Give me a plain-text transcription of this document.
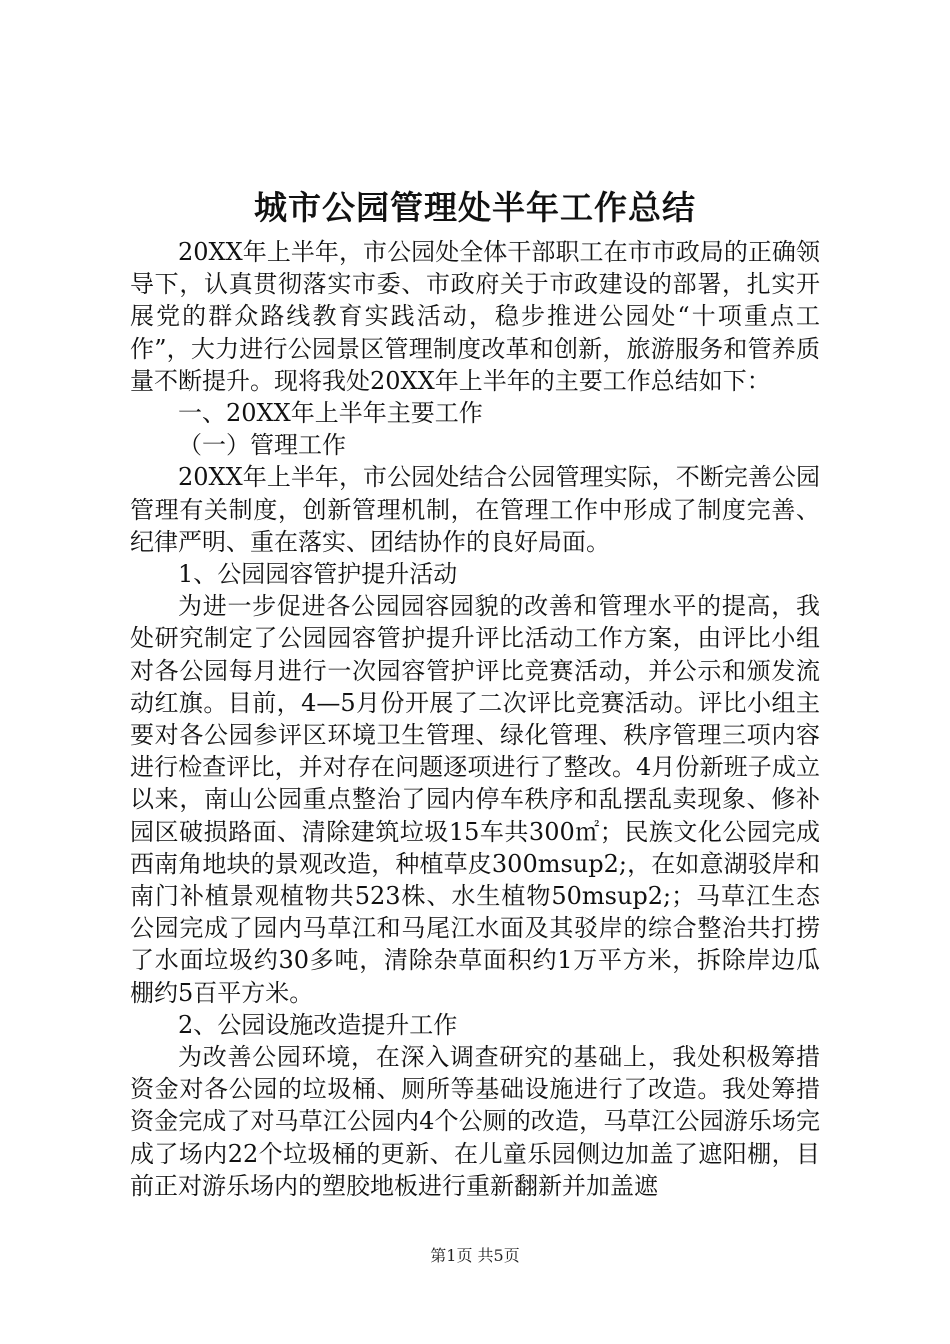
城市公园管理处半年工作总结

20XX年上半年，市公园处全体干部职工在市市政局的正确领导下，认真贯彻落实市委、市政府关于市政建设的部署，扎实开展党的群众路线教育实践活动，稳步推进公园处“十项重点工作”，大力进行公园景区管理制度改革和创新，旅游服务和管养质量不断提升。现将我处20XX年上半年的主要工作总结如下：

一、20XX年上半年主要工作

（一）管理工作

20XX年上半年，市公园处结合公园管理实际，不断完善公园管理有关制度，创新管理机制，在管理工作中形成了制度完善、纪律严明、重在落实、团结协作的良好局面。

1、公园园容管护提升活动

为进一步促进各公园园容园貌的改善和管理水平的提高，我处研究制定了公园园容管护提升评比活动工作方案，由评比小组对各公园每月进行一次园容管护评比竞赛活动，并公示和颁发流动红旗。目前，4—5月份开展了二次评比竞赛活动。评比小组主要对各公园参评区环境卫生管理、绿化管理、秩序管理三项内容进行检查评比，并对存在问题逐项进行了整改。4月份新班子成立以来，南山公园重点整治了园内停车秩序和乱摆乱卖现象、修补园区破损路面、清除建筑垃圾15车共300㎡；民族文化公园完成西南角地块的景观改造，种植草皮300msup2;，在如意湖驳岸和南门补植景观植物共523株、水生植物50msup2;；马草江生态公园完成了园内马草江和马尾江水面及其驳岸的综合整治共打捞了水面垃圾约30多吨，清除杂草面积约1万平方米，拆除岸边瓜棚约5百平方米。

2、公园设施改造提升工作

为改善公园环境，在深入调查研究的基础上，我处积极筹措资金对各公园的垃圾桶、厕所等基础设施进行了改造。我处筹措资金完成了对马草江公园内4个公厕的改造，马草江公园游乐场完成了场内22个垃圾桶的更新、在儿童乐园侧边加盖了遮阳棚，目前正对游乐场内的塑胶地板进行重新翻新并加盖遮

第1页 共5页
